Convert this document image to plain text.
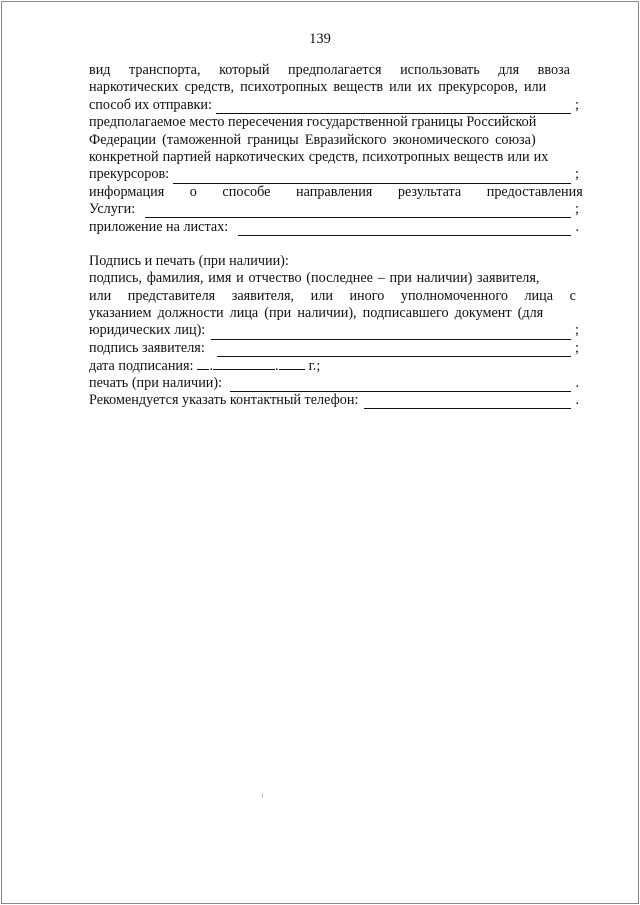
139
вид транспорта, который предполагается использовать для ввоза
наркотических средств, психотропных веществ или их прекурсоров, или
способ их отправки:	;
предполагаемое место пересечения государственной границы Российской
Федерации (таможенной границы Евразийского экономического союза)
конкретной партией наркотических средств, психотропных веществ или их
прекурсоров:	;
информация о способе направления результата предоставления
Услуги:	;
приложение на листах:	.
Подпись и печать (при наличии):
подпись, фамилия, имя и отчество (последнее – при наличии) заявителя,
или представителя заявителя, или иного уполномоченного лица с
указанием должности лица (при наличии), подписавшего документ (для
юридических лиц):	;
подпись заявителя:	;
дата подписания: .	. г.;
печать (при наличии):	.
Рекомендуется указать контактный телефон:	.
